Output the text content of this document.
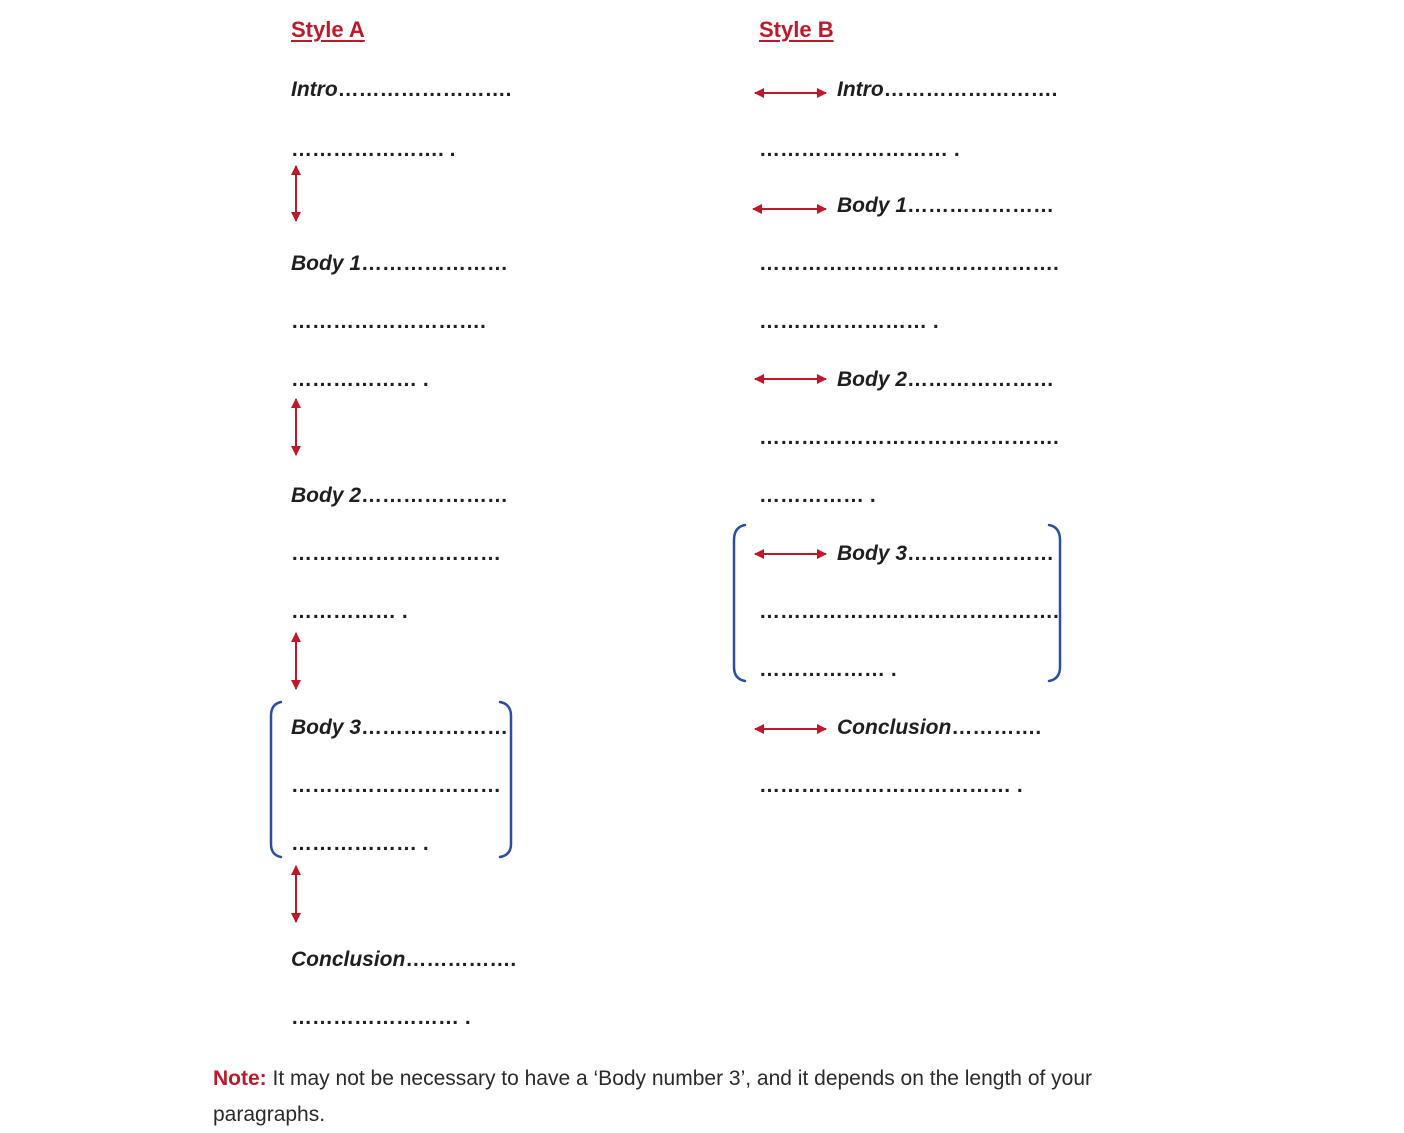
Style A
Intro…………………….
…………………. .
Body 1…………………
……………………….
……………… .
Body 2…………………
…………………………
…………… .
Body 3…………………
…………………………
……………… .
Conclusion…………….
…………………… .
Style B
Intro…………………….
……………………… .
Body 1…………………
…………………………………….
…………………… .
Body 2…………………
…………………………………….
…………… .
Body 3…………………
…………………………………….
……………… .
Conclusion………….
……………………………… .
Note: It may not be necessary to have a ‘Body number 3’, and it depends on the length of your paragraphs.
